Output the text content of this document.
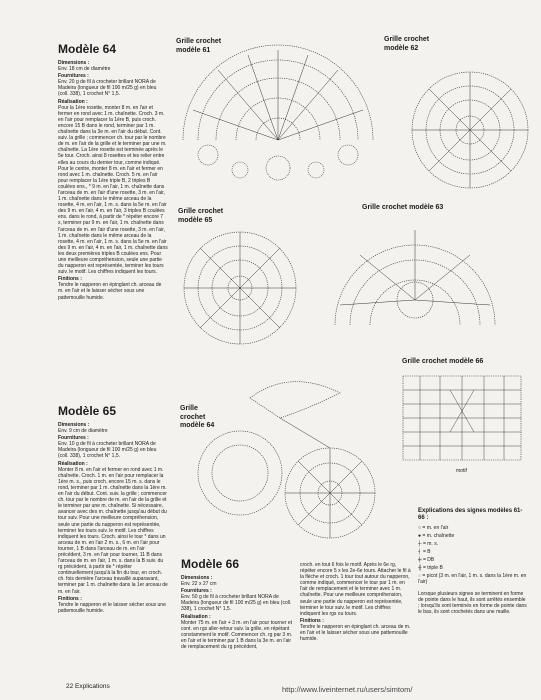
Modèle 64

Dimensions :
Env. 18 cm de diamètre

Fournitures :
Env. 20 g de fil à crocheter brillant NORA de Madeira (longueur de fil 100 m/25 g) en bleu (coll. 338), 1 crochet N° 1,5.

Réalisation :
Pour la 1ère rosette, monter 8 m. en l'air et fermer en rond avec 1 m. chaînette. Croch. 3 m. en l'air pour remplacer la 1ère B, puis croch. encore 15 B dans le rond, terminer par 1 m. chaînette dans la 3e m. en l'air du début. Cont. suiv. la grille ; commencer ch. tour par le nombre de m. en l'air de la grille et le terminer par une m. chaînette. La 1ère rosette est terminée après le 5e tour. Croch. ainsi 8 rosettes et les relier entre elles au cours du dernier tour, comme indiqué. Pour le centre, monter 8 m. en l'air et fermer en rond avec 1 m. chaînette. Croch. 5 m. en l'air pour remplacer la 1ère triple B, 2 triples B coulées ens., * 9 m. en l'air, 1 m. chaînette dans l'arceau de m. en l'air d'une rosette, 3 m. en l'air, 1 m. chaînette dans le même arceau de la rosette, 4 m. en l'air, 1 m. s. dans la 5e m. en l'air des 9 m. en l'air, 4 m. en l'air, 3 triples B coulées ens. dans le rond, à partir de * répéter encore 7 x, terminer par 9 m. en l'air, 1 m. chaînette dans l'arceau de m. en l'air d'une rosette, 3 m. en l'air, 1 m. chaînette dans le même arceau de la rosette, 4 m. en l'air, 1 m. s. dans la 5e m. en l'air des 9 m. en l'air, 4 m. en l'air, 1 m. chaînette dans les deux premières triples B coulées ens. Pour une meilleure compréhension, seule une partie du napperon est représentée, terminer les tours suiv. le motif. Les chiffres indiquent les tours.

Finitions :
Tendre le napperon en épinglant ch. arceau de m. en l'air et le laisser sécher sous une pattemouille humide.

Modèle 65

Dimensions :
Env. 9 cm de diamètre

Fournitures :
Env. 10 g de fil à crocheter brillant NORA de Madeira (longueur de fil 100 m/25 g) en bleu (coll. 338), 1 crochet N° 1,5.

Réalisation :
Monter 8 m. en l'air et fermer en rond avec 1 m. chaînette. Croch. 1 m. en l'air pour remplacer la 1ère m. s., puis croch. encore 15 m. s. dans le rond, terminer par 1 m. chaînette dans la 1ère m. en l'air du début. Cont. suiv. la grille ; commencer ch. tour par le nombre de m. en l'air de la grille et le terminer par une m. chaînette. Si nécessaire, avancer avec des m. chaînette jusqu'au début du tour suiv. Pour une meilleure compréhension, seule une partie du napperon est représentée, terminer les tours suiv. le motif. Les chiffres indiquent les tours. Croch. ainsi le tour * dans un arceau de m. en l'air 2 m. s., 6 m. en l'air pour tourner, 1 B dans l'arceau de m. en l'air précédent, 3 m. en l'air pour tourner, 11 B dans l'arceau de m. en l'air, 1 m. s. dans la B suiv. du rg précédent, à partir de * répéter continuellement jusqu'à la fin du tour, en croch. ch. fois dernière l'arceau travaillé auparavant, terminer par 1 m. chaînette dans la 1er arceau de m. en l'air.

Finitions :
Tendre le napperon et le laisser sécher sous une pattemouille humide.

Modèle 66

Dimensions :
Env. 22 x 27 cm

Fournitures :
Env. 50 g de fil à crocheter brillant NORA de Madeira (longueur de fil 100 m/25 g) en bleu (coll. 338), 1 crochet N° 1,5.

Réalisation :
Monter 75 m. en l'air + 3 m. en l'air pour tourner et cont. en rgs aller-retour suiv. la grille, en répétant constamment le motif. Commencer ch. rg par 3 m. en l'air et le terminer par 1 B dans la 3e m. en l'air de remplacement du rg précédent,

croch. en tout 6 fois le motif. Après le 6e rg, répéter encore 5 x les 2e-6e tours. Attacher le fil à la flèche et croch. 1 tour tout autour du napperon, comme indiqué, commencer le tour par 1 m. en l'air de remplacement et le terminer avec 1 m. chaînette. Pour une meilleure compréhension, seule une partie du napperon est représentée, terminer le tour suiv. le motif. Les chiffres indiquent les rgs ou tours.

Finitions :
Tendre le napperon en épinglant ch. arceau de m. en l'air et le laisser sécher sous une pattemouille humide.

Grille crochet modèle 61
Grille crochet modèle 62
Grille crochet modèle 65
Grille crochet modèle 63
Grille crochet modèle 66
Grille crochet modèle 64
motif
Explications des signes modèles 61-66 :
○ = m. en l'air
● = m. chaînette
┼ = m. s.
┤ = B
╪ = DB
╫ = triple B
◌ = picot (3 m. en l'air, 1 m. s. dans la 1ère m. en l'air)
Lorsque plusieurs signes se terminent en forme de pointe dans le haut, ils sont arrêtés ensemble ; lorsqu'ils sont terminés en forme de pointe dans le bas, ils sont crochetés dans une maille.
22 Explications	http://www.liveinternet.ru/users/simtom/
